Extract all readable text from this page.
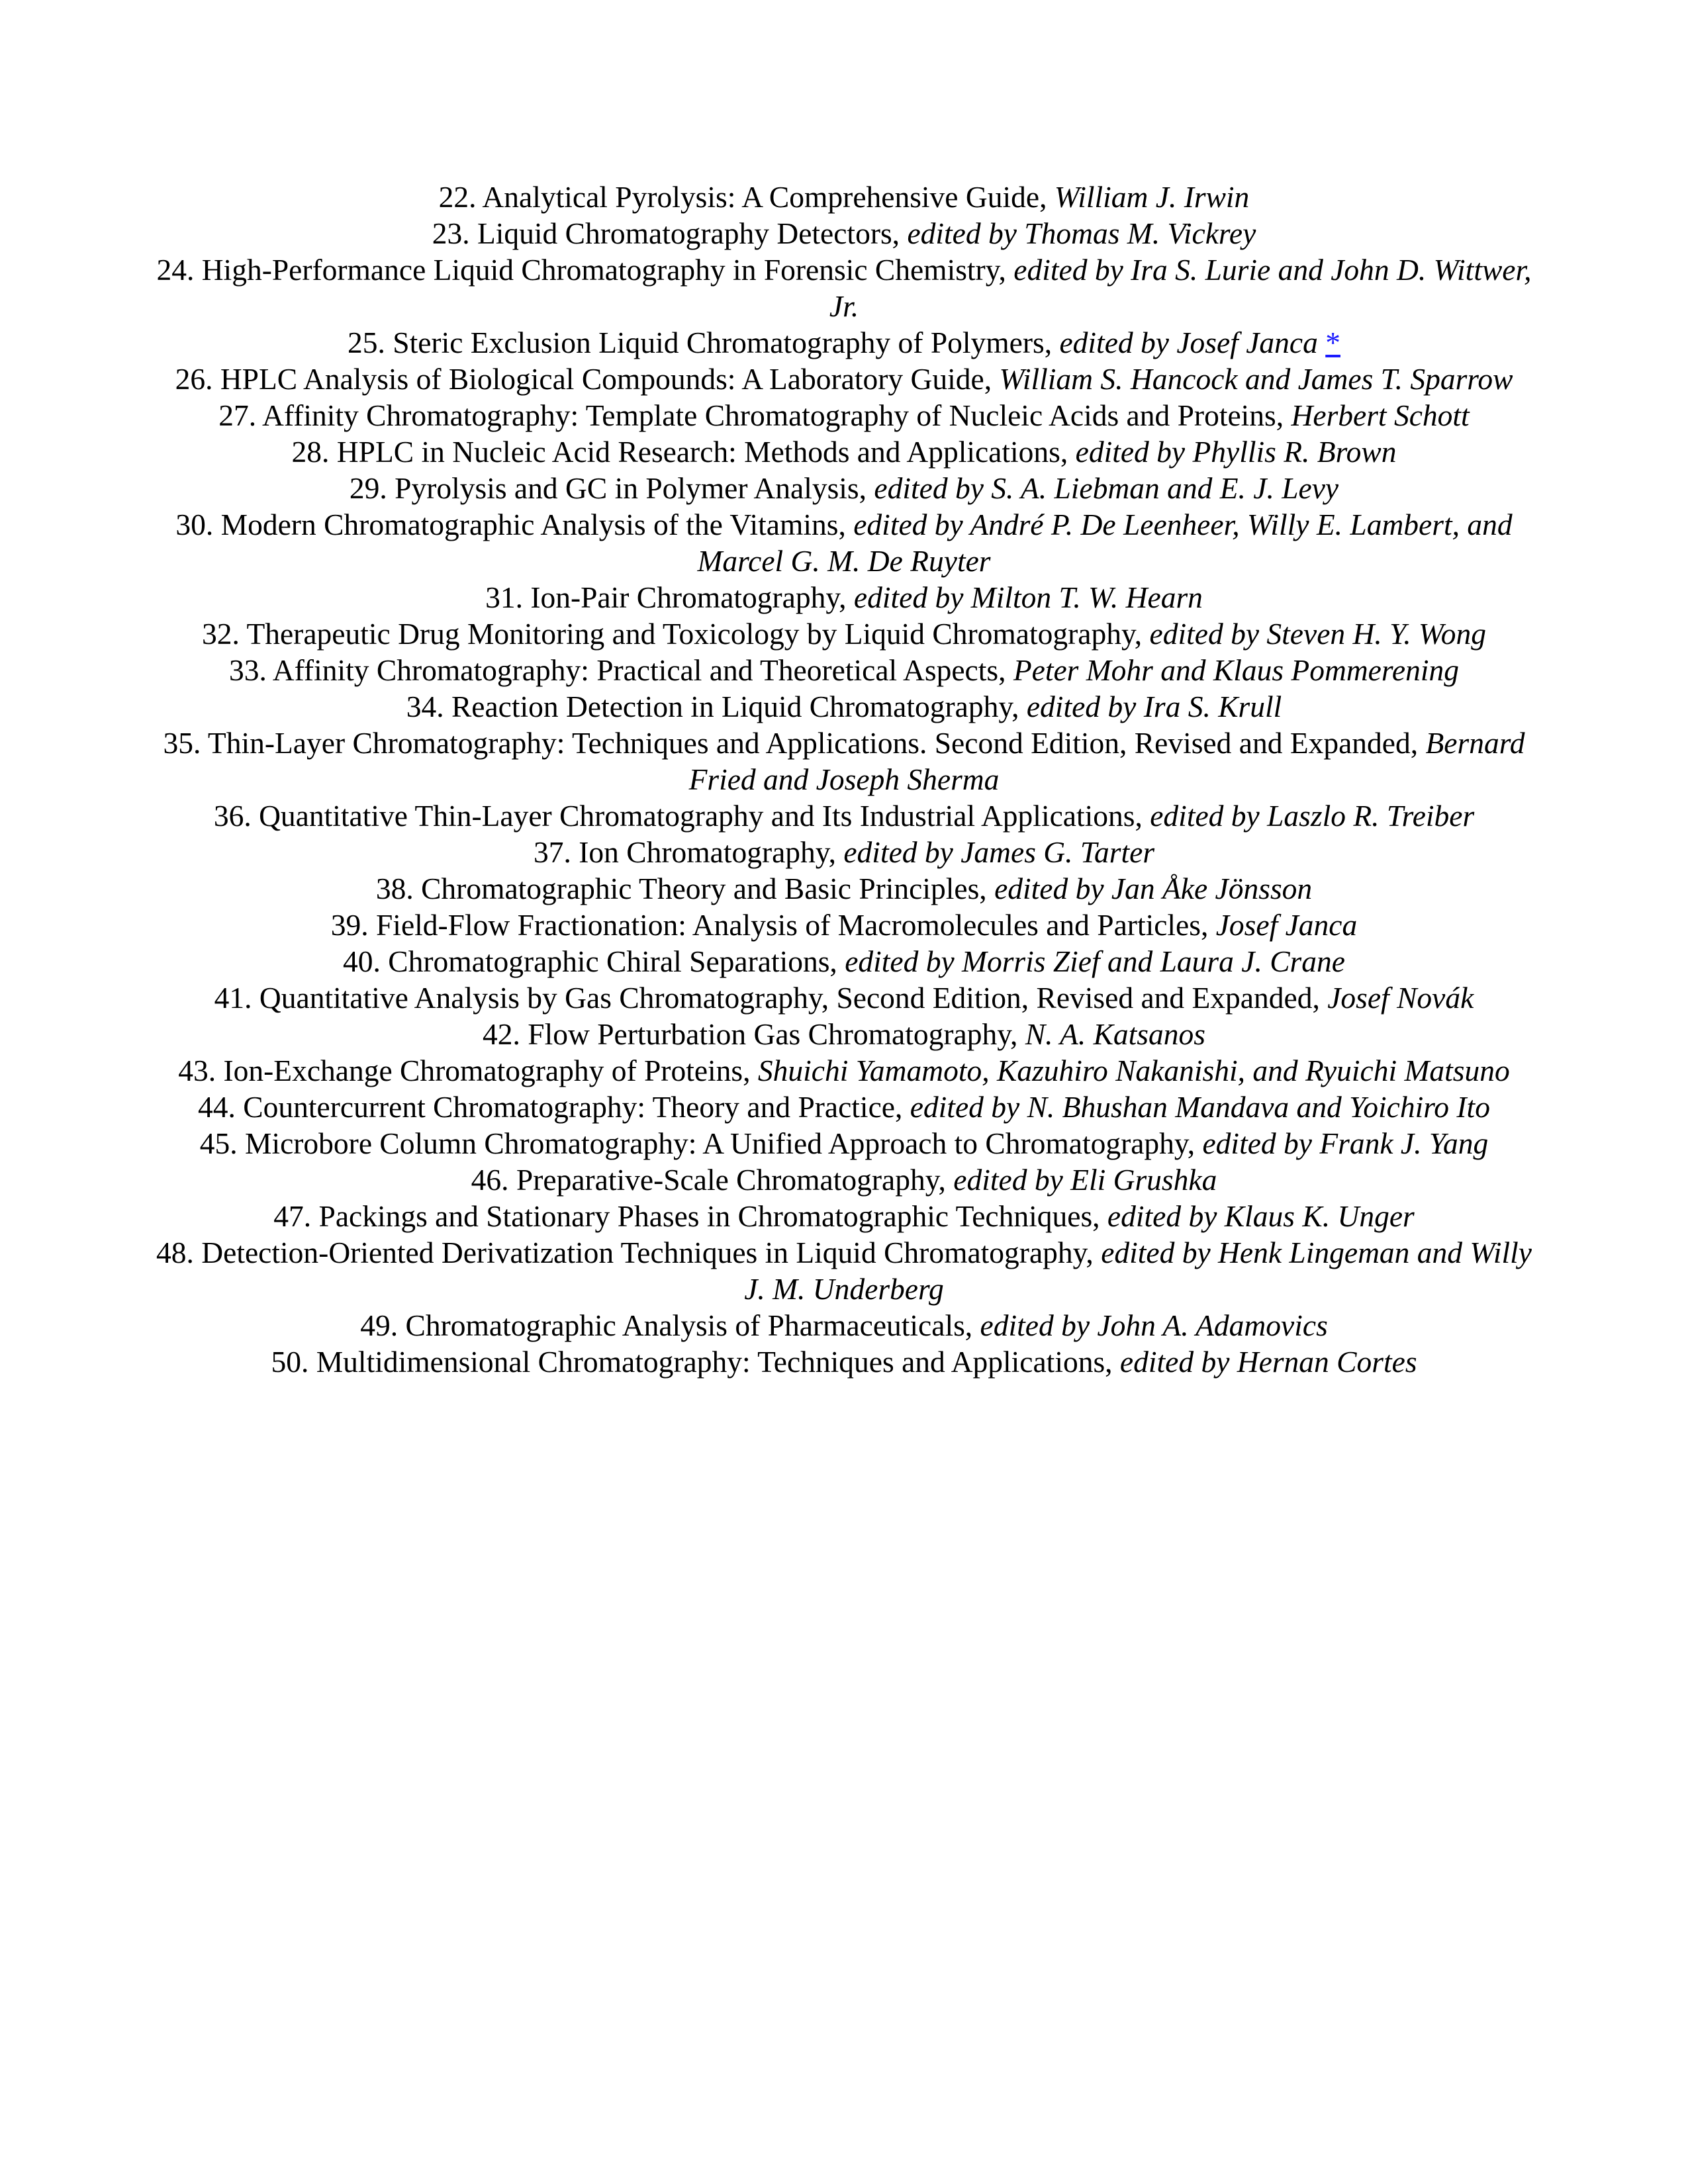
22. Analytical Pyrolysis: A Comprehensive Guide, William J. Irwin

23. Liquid Chromatography Detectors, edited by Thomas M. Vickrey

24. High-Performance Liquid Chromatography in Forensic Chemistry, edited by Ira S. Lurie and John D. Wittwer, Jr.

25. Steric Exclusion Liquid Chromatography of Polymers, edited by Josef Janca *

26. HPLC Analysis of Biological Compounds: A Laboratory Guide, William S. Hancock and James T. Sparrow

27. Affinity Chromatography: Template Chromatography of Nucleic Acids and Proteins, Herbert Schott

28. HPLC in Nucleic Acid Research: Methods and Applications, edited by Phyllis R. Brown

29. Pyrolysis and GC in Polymer Analysis, edited by S. A. Liebman and E. J. Levy

30. Modern Chromatographic Analysis of the Vitamins, edited by André P. De Leenheer, Willy E. Lambert, and Marcel G. M. De Ruyter

31. Ion-Pair Chromatography, edited by Milton T. W. Hearn

32. Therapeutic Drug Monitoring and Toxicology by Liquid Chromatography, edited by Steven H. Y. Wong

33. Affinity Chromatography: Practical and Theoretical Aspects, Peter Mohr and Klaus Pommerening

34. Reaction Detection in Liquid Chromatography, edited by Ira S. Krull

35. Thin-Layer Chromatography: Techniques and Applications. Second Edition, Revised and Expanded, Bernard Fried and Joseph Sherma

36. Quantitative Thin-Layer Chromatography and Its Industrial Applications, edited by Laszlo R. Treiber

37. Ion Chromatography, edited by James G. Tarter

38. Chromatographic Theory and Basic Principles, edited by Jan Åke Jönsson

39. Field-Flow Fractionation: Analysis of Macromolecules and Particles, Josef Janca

40. Chromatographic Chiral Separations, edited by Morris Zief and Laura J. Crane

41. Quantitative Analysis by Gas Chromatography, Second Edition, Revised and Expanded, Josef Novák

42. Flow Perturbation Gas Chromatography, N. A. Katsanos

43. Ion-Exchange Chromatography of Proteins, Shuichi Yamamoto, Kazuhiro Nakanishi, and Ryuichi Matsuno

44. Countercurrent Chromatography: Theory and Practice, edited by N. Bhushan Mandava and Yoichiro Ito

45. Microbore Column Chromatography: A Unified Approach to Chromatography, edited by Frank J. Yang

46. Preparative-Scale Chromatography, edited by Eli Grushka

47. Packings and Stationary Phases in Chromatographic Techniques, edited by Klaus K. Unger

48. Detection-Oriented Derivatization Techniques in Liquid Chromatography, edited by Henk Lingeman and Willy J. M. Underberg

49. Chromatographic Analysis of Pharmaceuticals, edited by John A. Adamovics

50. Multidimensional Chromatography: Techniques and Applications, edited by Hernan Cortes
